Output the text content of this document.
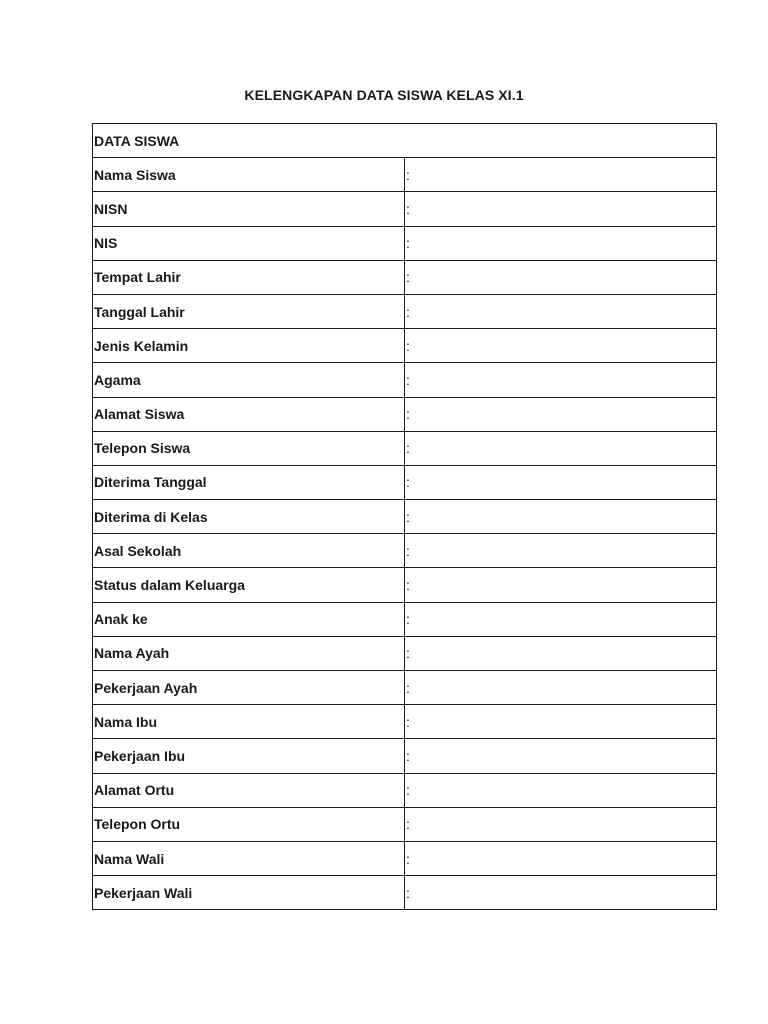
KELENGKAPAN DATA SISWA KELAS XI.1
DATA SISWA	
Nama Siswa	:
NISN	:
NIS	:
Tempat Lahir	:
Tanggal Lahir	:
Jenis Kelamin	:
Agama	:
Alamat Siswa	:
Telepon Siswa	:
Diterima Tanggal	:
Diterima di Kelas	:
Asal Sekolah	:
Status dalam Keluarga	:
Anak ke	:
Nama Ayah	:
Pekerjaan Ayah	:
Nama Ibu	:
Pekerjaan Ibu	:
Alamat Ortu	:
Telepon Ortu	:
Nama Wali	:
Pekerjaan Wali	:
